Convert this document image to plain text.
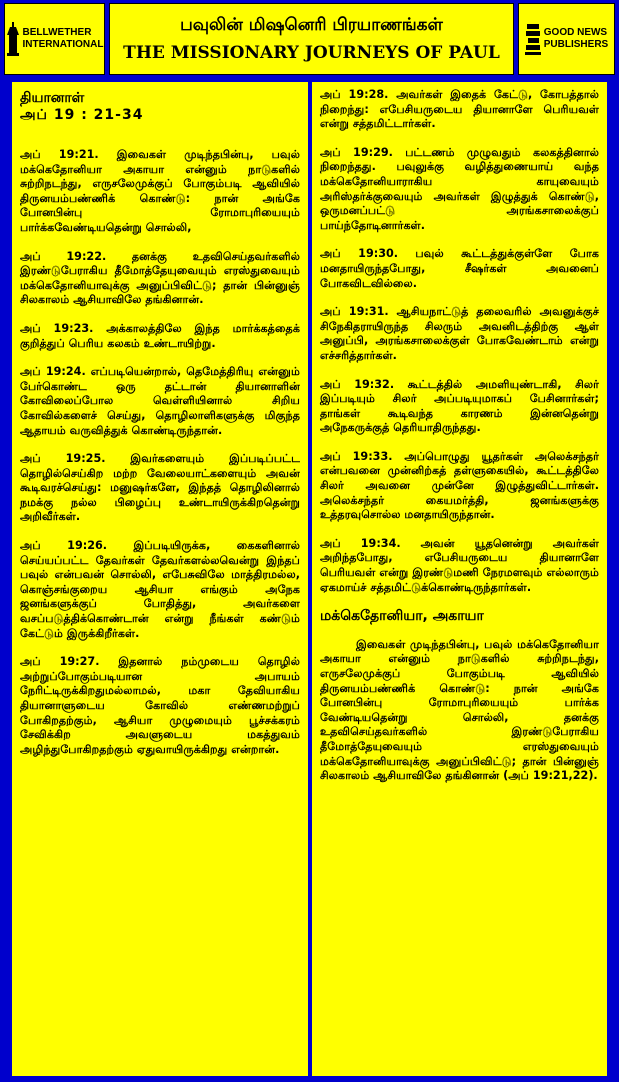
BELLWETHER
INTERNATIONAL
பவுலின் மிஷனெரி பிரயாணங்கள்
THE MISSIONARY JOURNEYS OF PAUL
GOOD NEWS
PUBLISHERS
தியானாள்
அப் 19 : 21-34

அப் 19:21. இவைகள் முடிந்தபின்பு, பவுல் மக்கெதோனியா அகாயா என்னும் நாடுகளில் சுற்றிநடந்து, எருசலேமுக்குப் போகும்படி ஆவியில் திருனயம்பண்ணிக் கொண்டு: நான் அங்கே போனபின்பு ரோமாபுரியையும் பார்க்கவேண்டியதென்று சொல்லி,

அப் 19:22. தனக்கு உதவிசெய்தவர்களில் இரண்டுபேராகிய தீமோத்தேயுவையும் எரஸ்துவையும் மக்கெதோனியாவுக்கு அனுப்பிவிட்டு; தான் பின்னுஞ் சிலகாலம் ஆசியாவிலே தங்கினான்.

அப் 19:23. அக்காலத்திலே இந்த மார்க்கத்தைக் குறித்துப் பெரிய கலகம் உண்டாயிற்று.

அப் 19:24. எப்படியென்றால், தெமேத்திரியு என்னும் பேர்கொண்ட ஒரு தட்டான் தியானாளின் கோவிலைப்போல வெள்ளியினால் சிறிய கோவில்களைச் செய்து, தொழிலாளிகளுக்கு மிகுந்த ஆதாயம் வருவித்துக் கொண்டிருந்தான்.

அப் 19:25. இவர்களையும் இப்படிப்பட்ட தொழில்செய்கிற மற்ற வேலையாட்களையும் அவன் கூடிவரச்செய்து: மனுஷர்களே, இந்தத் தொழிலினால் நமக்கு நல்ல பிழைப்பு உண்டாயிருக்கிறதென்று அறிவீர்கள்.

அப் 19:26. இப்படியிருக்க, கைகளினால் செய்யப்பட்ட தேவர்கள் தேவர்களல்லவென்று இந்தப் பவுல் என்பவன் சொல்லி, எபேசுவிலே மாத்திரமல்ல, கொஞ்சங்குறைய ஆசியா எங்கும் அநேக ஜனங்களுக்குப் போதித்து, அவர்களை வசப்படுத்திக்கொண்டான் என்று நீங்கள் கண்டும் கேட்டும் இருக்கிறீர்கள்.

அப் 19:27. இதனால் நம்முடைய தொழில் அற்றுப்போகும்படியான அபாயம் நேரிட்டிருக்கிறதுமல்லாமல், மகா தேவியாகிய தியானாளுடைய கோவில் எண்ணமற்றுப் போகிறதற்கும், ஆசியா முழுமையும் பூச்சக்கரம் சேவிக்கிற அவளுடைய மகத்துவம் அழிந்துபோகிறதற்கும் ஏதுவாயிருக்கிறது என்றான்.

அப் 19:28. அவர்கள் இதைக் கேட்டு, கோபத்தால் நிறைந்து: எபேசியருடைய தியானாளே பெரியவள் என்று சத்தமிட்டார்கள்.

அப் 19:29. பட்டணம் முழுவதும் கலகத்தினால் நிறைந்தது. பவுலுக்கு வழித்துணையாய் வந்த மக்கெதோனியாராகிய காயுவையும் அரிஸ்தர்க்குவையும் அவர்கள் இழுத்துக் கொண்டு, ஒருமனப்பட்டு அரங்கசாலைக்குப் பாய்ந்தோடினார்கள்.

அப் 19:30. பவுல் கூட்டத்துக்குள்ளே போக மனதாயிருந்தபோது, சீஷர்கள் அவனைப் போகவிடவில்லை.

அப் 19:31. ஆசியநாட்டுத் தலைவரில் அவனுக்குச் சிநேகிதராயிருந்த சிலரும் அவனிடத்திற்கு ஆள் அனுப்பி, அரங்கசாலைக்குள் போகவேண்டாம் என்று எச்சரித்தார்கள்.

அப் 19:32. கூட்டத்தில் அமளியுண்டாகி, சிலர் இப்படியும் சிலர் அப்படியுமாகப் பேசினார்கள்; தாங்கள் கூடிவந்த காரணம் இன்னதென்று அநேகருக்குத் தெரியாதிருந்தது.

அப் 19:33. அப்பொழுது யூதர்கள் அலெக்சந்தர் என்பவனை முன்னிற்கத் தள்ளுகையில், கூட்டத்திலே சிலர் அவனை முன்னே இழுத்துவிட்டார்கள். அலெக்சந்தர் கையமர்த்தி, ஜனங்களுக்கு உத்தரவுசொல்ல மனதாயிருந்தான்.

அப் 19:34. அவன் யூதனென்று அவர்கள் அறிந்தபோது, எபேசியருடைய தியானாளே பெரியவள் என்று இரண்டுமணி நேரமளவும் எல்லாரும் ஏகமாய்ச் சத்தமிட்டுக்கொண்டிருந்தார்கள்.

மக்கெதோனியா, அகாயா

இவைகள் முடிந்தபின்பு, பவுல் மக்கெதோனியா அகாயா என்னும் நாடுகளில் சுற்றிநடந்து, எருசலேமுக்குப் போகும்படி ஆவியில் திருனயம்பண்ணிக் கொண்டு: நான் அங்கே போனபின்பு ரோமாபுரியையும் பார்க்க வேண்டியதென்று சொல்லி, தனக்கு உதவிசெய்தவர்களில் இரண்டுபேராகிய தீமோத்தேயுவையும் எரஸ்துவையும் மக்கெதோனியாவுக்கு அனுப்பிவிட்டு; தான் பின்னுஞ் சிலகாலம் ஆசியாவிலே தங்கினான் (அப் 19:21,22).
